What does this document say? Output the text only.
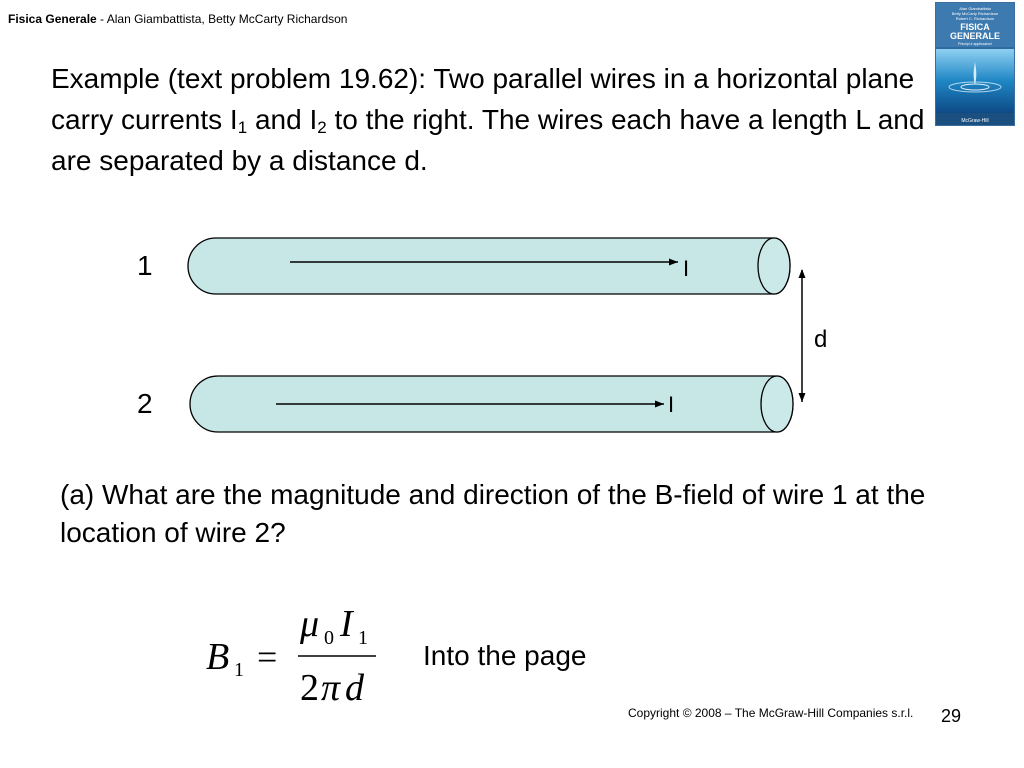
Fisica Generale - Alan Giambattista, Betty McCarty Richardson
Alan Giambattista
Betty McCarty Richardson
Robert C. Richardson
FISICA
GENERALE
Principi e applicazioni
McGraw-Hill
Example (text problem 19.62): Two parallel wires in a horizontal plane carry currents $I_1$ and $I_2$ to the right. The wires each have a length L and are separated by a distance d.
I
1
I
2
d
(a) What are the magnitude and direction of the B-field of wire 1 at the location of wire 2?
B 1 =
μ 0 I 1
2 π d
Into the page
Copyright © 2008 – The McGraw-Hill Companies s.r.l. 29
